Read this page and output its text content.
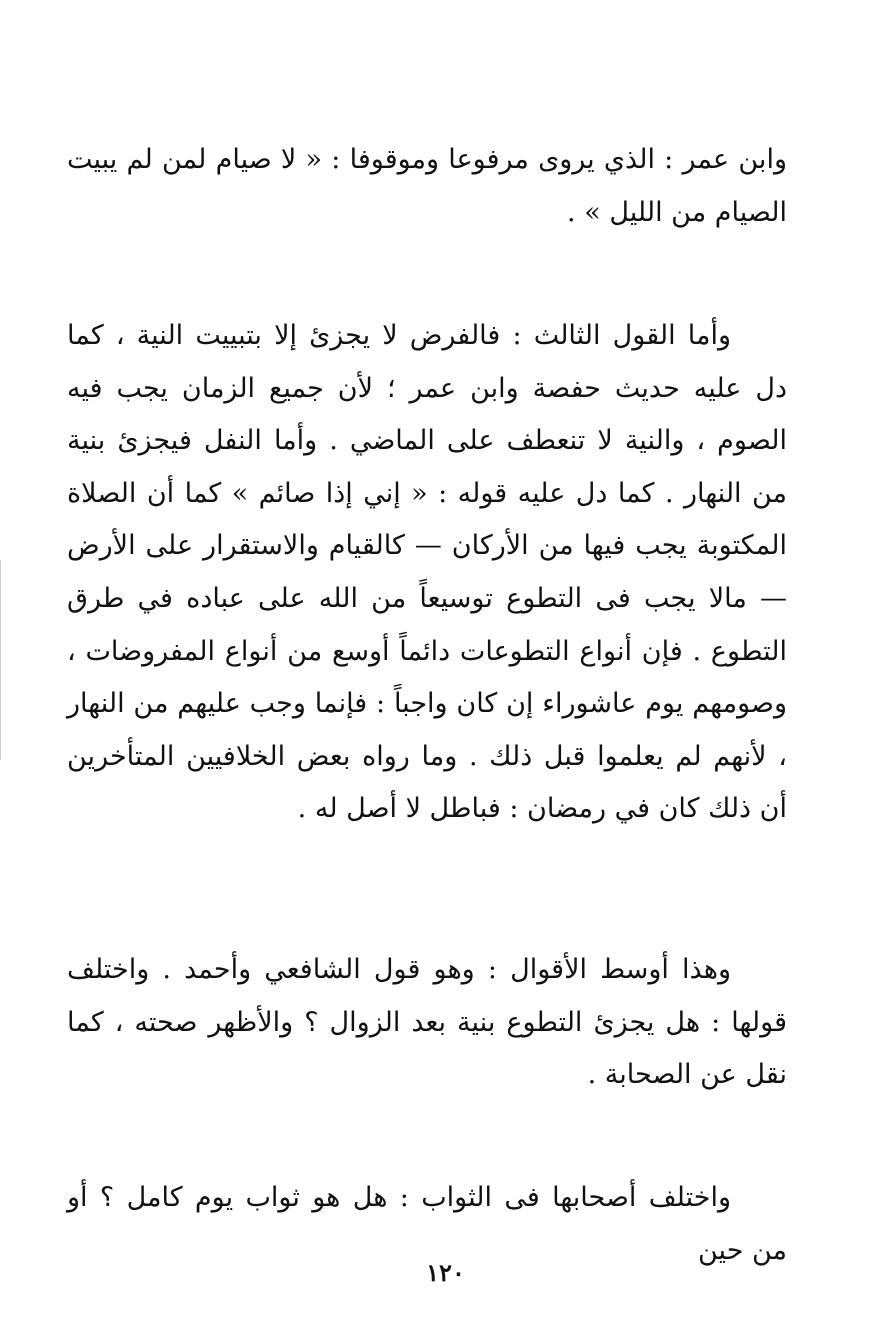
وابن عمر : الذي يروى مرفوعا وموقوفا : « لا صيام لمن لم يبيت الصيام من الليل » .

وأما القول الثالث : فالفرض لا يجزئ إلا بتبييت النية ، كما دل عليه حديث حفصة وابن عمر ؛ لأن جميع الزمان يجب فيه الصوم ، والنية لا تنعطف على الماضي . وأما النفل فيجزئ بنية من النهار . كما دل عليه قوله : « إني إذا صائم » كما أن الصلاة المكتوبة يجب فيها من الأركان — كالقيام والاستقرار على الأرض — مالا يجب فى التطوع توسيعاً من الله على عباده في طرق التطوع . فإن أنواع التطوعات دائماً أوسع من أنواع المفروضات ، وصومهم يوم عاشوراء إن كان واجباً : فإنما وجب عليهم من النهار ، لأنهم لم يعلموا قبل ذلك . وما رواه بعض الخلافيين المتأخرين أن ذلك كان في رمضان : فباطل لا أصل له .

وهذا أوسط الأقوال : وهو قول الشافعي وأحمد . واختلف قولها : هل يجزئ التطوع بنية بعد الزوال ؟ والأظهر صحته ، كما نقل عن الصحابة .

واختلف أصحابها فى الثواب : هل هو ثواب يوم كامل ؟ أو من حين

١٢٠
